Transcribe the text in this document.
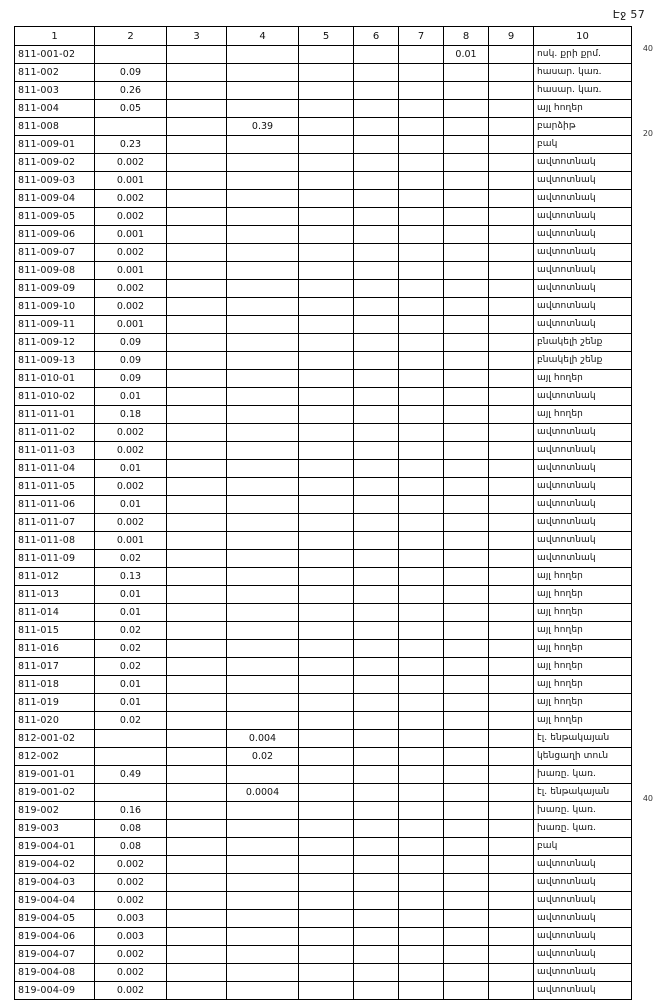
Էջ 57
1	2	3	4	5	6	7	8	9	10
811-001-02							0.01		ոսկ. քրի քրմ.
811-002	0.09								հասար. կառ.
811-003	0.26								հասար. կառ.
811-004	0.05								այլ հողեր
811-008			0.39						բարձիթ
811-009-01	0.23								բակ
811-009-02	0.002								ավտոտնակ
811-009-03	0.001								ավտոտնակ
811-009-04	0.002								ավտոտնակ
811-009-05	0.002								ավտոտնակ
811-009-06	0.001								ավտոտնակ
811-009-07	0.002								ավտոտնակ
811-009-08	0.001								ավտոտնակ
811-009-09	0.002								ավտոտնակ
811-009-10	0.002								ավտոտնակ
811-009-11	0.001								ավտոտնակ
811-009-12	0.09								բնակելի շենք
811-009-13	0.09								բնակելի շենք
811-010-01	0.09								այլ հողեր
811-010-02	0.01								ավտոտնակ
811-011-01	0.18								այլ հողեր
811-011-02	0.002								ավտոտնակ
811-011-03	0.002								ավտոտնակ
811-011-04	0.01								ավտոտնակ
811-011-05	0.002								ավտոտնակ
811-011-06	0.01								ավտոտնակ
811-011-07	0.002								ավտոտնակ
811-011-08	0.001								ավտոտնակ
811-011-09	0.02								ավտոտնակ
811-012	0.13								այլ հողեր
811-013	0.01								այլ հողեր
811-014	0.01								այլ հողեր
811-015	0.02								այլ հողեր
811-016	0.02								այլ հողեր
811-017	0.02								այլ հողեր
811-018	0.01								այլ հողեր
811-019	0.01								այլ հողեր
811-020	0.02								այլ հողեր
812-001-02			0.004						էլ. ենթակայան
812-002			0.02						կենցաղի տուն
819-001-01	0.49								խառը. կառ.
819-001-02			0.0004						էլ. ենթակայան
819-002	0.16								խառը. կառ.
819-003	0.08								խառը. կառ.
819-004-01	0.08								բակ
819-004-02	0.002								ավտոտնակ
819-004-03	0.002								ավտոտնակ
819-004-04	0.002								ավտոտնակ
819-004-05	0.003								ավտոտնակ
819-004-06	0.003								ավտոտնակ
819-004-07	0.002								ավտոտնակ
819-004-08	0.002								ավտոտնակ
819-004-09	0.002								ավտոտնակ
40
20
40
